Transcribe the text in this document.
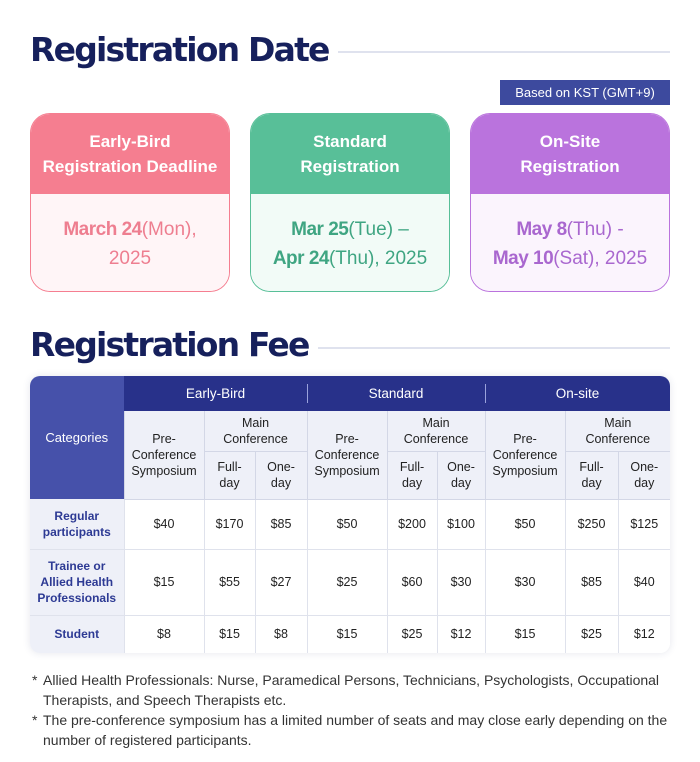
Registration Date
Based on KST (GMT+9)
Early-Bird
Registration Deadline
March 24(Mon),
2025
Standard
Registration
Mar 25(Tue) –
Apr 24(Thu), 2025
On-Site
Registration
May 8(Thu) -
May 10(Sat), 2025
Registration Fee
Categories	Early-Bird			Standard			On-site		
	Pre-
Conference
Symposium	Main
Conference		Pre-
Conference
Symposium	Main
Conference		Pre-
Conference
Symposium	Main
Conference	
		Full-
day	One-
day		Full-
day	One-
day		Full-
day	One-
day
Regular
participants	$40	$170	$85	$50	$200	$100	$50	$250	$125
Trainee or
Allied Health
Professionals	$15	$55	$27	$25	$60	$30	$30	$85	$40
Student	$8	$15	$8	$15	$25	$12	$15	$25	$12
* Allied Health Professionals: Nurse, Paramedical Persons, Technicians, Psychologists, Occupational Therapists, and Speech Therapists etc.
* The pre-conference symposium has a limited number of seats and may close early depending on the number of registered participants.
